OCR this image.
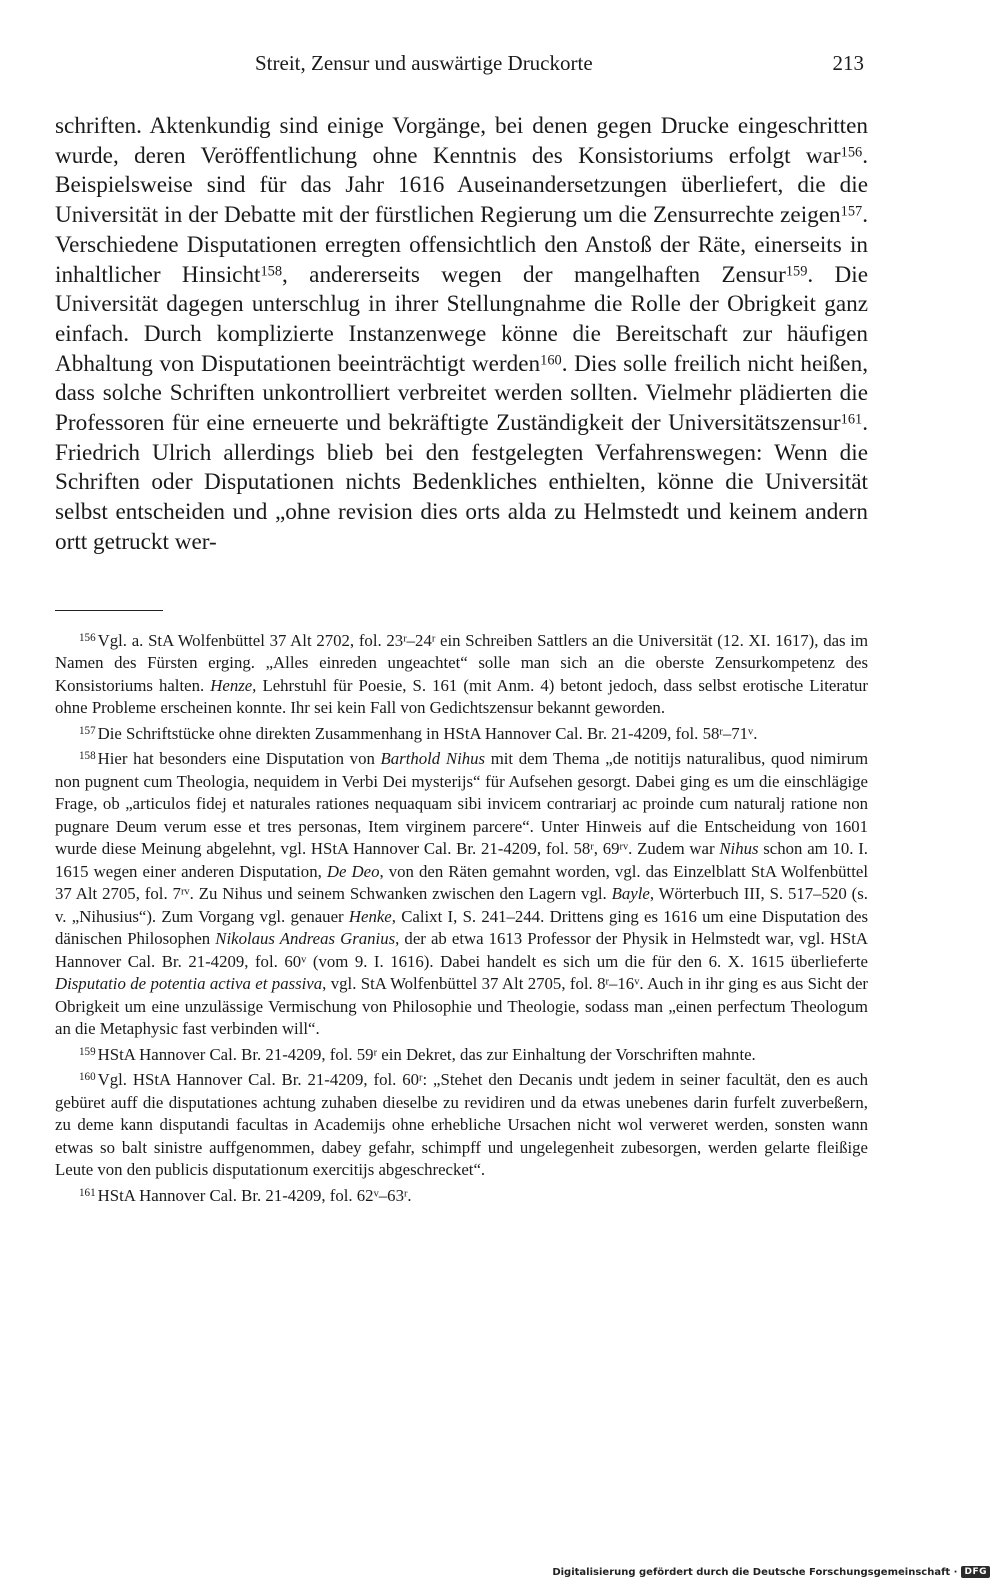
Streit, Zensur und auswärtige Druckorte	213

schriften. Aktenkundig sind einige Vorgänge, bei denen gegen Drucke eingeschritten wurde, deren Veröffentlichung ohne Kenntnis des Konsistoriums erfolgt war$^{156}$. Beispielsweise sind für das Jahr 1616 Auseinandersetzungen überliefert, die die Universität in der Debatte mit der fürstlichen Regierung um die Zensurrechte zeigen$^{157}$. Verschiedene Disputationen erregten offensichtlich den Anstoß der Räte, einerseits in inhaltlicher Hinsicht$^{158}$, andererseits wegen der mangelhaften Zensur$^{159}$. Die Universität dagegen unterschlug in ihrer Stellungnahme die Rolle der Obrigkeit ganz einfach. Durch komplizierte Instanzenwege könne die Bereitschaft zur häufigen Abhaltung von Disputationen beeinträchtigt werden$^{160}$. Dies solle freilich nicht heißen, dass solche Schriften unkontrolliert verbreitet werden sollten. Vielmehr plädierten die Professoren für eine erneuerte und bekräftigte Zuständigkeit der Universitätszensur$^{161}$. Friedrich Ulrich allerdings blieb bei den festgelegten Verfahrenswegen: Wenn die Schriften oder Disputationen nichts Bedenkliches enthielten, könne die Universität selbst entscheiden und „ohne revision dies orts alda zu Helmstedt und keinem andern ortt getruckt wer-

$^{156}$ Vgl. a. StA Wolfenbüttel 37 Alt 2702, fol. 23$^r$–24$^r$ ein Schreiben Sattlers an die Universität (12. XI. 1617), das im Namen des Fürsten erging. „Alles einreden ungeachtet“ solle man sich an die oberste Zensurkompetenz des Konsistoriums halten. Henze, Lehrstuhl für Poesie, S. 161 (mit Anm. 4) betont jedoch, dass selbst erotische Literatur ohne Probleme erscheinen konnte. Ihr sei kein Fall von Gedichtszensur bekannt geworden.

$^{157}$ Die Schriftstücke ohne direkten Zusammenhang in HStA Hannover Cal. Br. 21-4209, fol. 58$^r$–71$^v$.

$^{158}$ Hier hat besonders eine Disputation von Barthold Nihus mit dem Thema „de notitijs naturalibus, quod nimirum non pugnent cum Theologia, nequidem in Verbi Dei mysterijs“ für Aufsehen gesorgt. Dabei ging es um die einschlägige Frage, ob „articulos fidej et naturales rationes nequaquam sibi invicem contrariarj ac proinde cum naturalj ratione non pugnare Deum verum esse et tres personas, Item virginem parcere“. Unter Hinweis auf die Entscheidung von 1601 wurde diese Meinung abgelehnt, vgl. HStA Hannover Cal. Br. 21-4209, fol. 58$^r$, $69^{rv}$. Zudem war Nihus schon am 10. I. 1615 wegen einer anderen Disputation, De Deo, von den Räten gemahnt worden, vgl. das Einzelblatt StA Wolfenbüttel 37 Alt 2705, fol. $7^{rv}$. Zu Nihus und seinem Schwanken zwischen den Lagern vgl. Bayle, Wörterbuch III, S. 517–520 (s. v. „Nihusius“). Zum Vorgang vgl. genauer Henke, Calixt I, S. 241–244. Drittens ging es 1616 um eine Disputation des dänischen Philosophen Nikolaus Andreas Granius, der ab etwa 1613 Professor der Physik in Helmstedt war, vgl. HStA Hannover Cal. Br. 21-4209, fol. 60$^v$ (vom 9. I. 1616). Dabei handelt es sich um die für den 6. X. 1615 überlieferte Disputatio de potentia activa et passiva, vgl. StA Wolfenbüttel 37 Alt 2705, fol. 8$^r$–16$^v$. Auch in ihr ging es aus Sicht der Obrigkeit um eine unzulässige Vermischung von Philosophie und Theologie, sodass man „einen perfectum Theologum an die Metaphysic fast verbinden will“.

$^{159}$ HStA Hannover Cal. Br. 21-4209, fol. 59$^r$ ein Dekret, das zur Einhaltung der Vorschriften mahnte.

$^{160}$ Vgl. HStA Hannover Cal. Br. 21-4209, fol. 60$^r$: „Stehet den Decanis undt jedem in seiner facultät, den es auch gebüret auff die disputationes achtung zuhaben dieselbe zu revidiren und da etwas unebenes darin furfelt zuverbeßern, zu deme kann disputandi facultas in Academijs ohne erhebliche Ursachen nicht wol verweret werden, sonsten wann etwas so balt sinistre auffgenommen, dabey gefahr, schimpff und ungelegenheit zubesorgen, werden gelarte fleißige Leute von den publicis disputationum exercitijs abgeschrecket“.

$^{161}$ HStA Hannover Cal. Br. 21-4209, fol. 62$^v$–63$^r$.

Digitalisierung gefördert durch die Deutsche Forschungsgemeinschaft · DFG
